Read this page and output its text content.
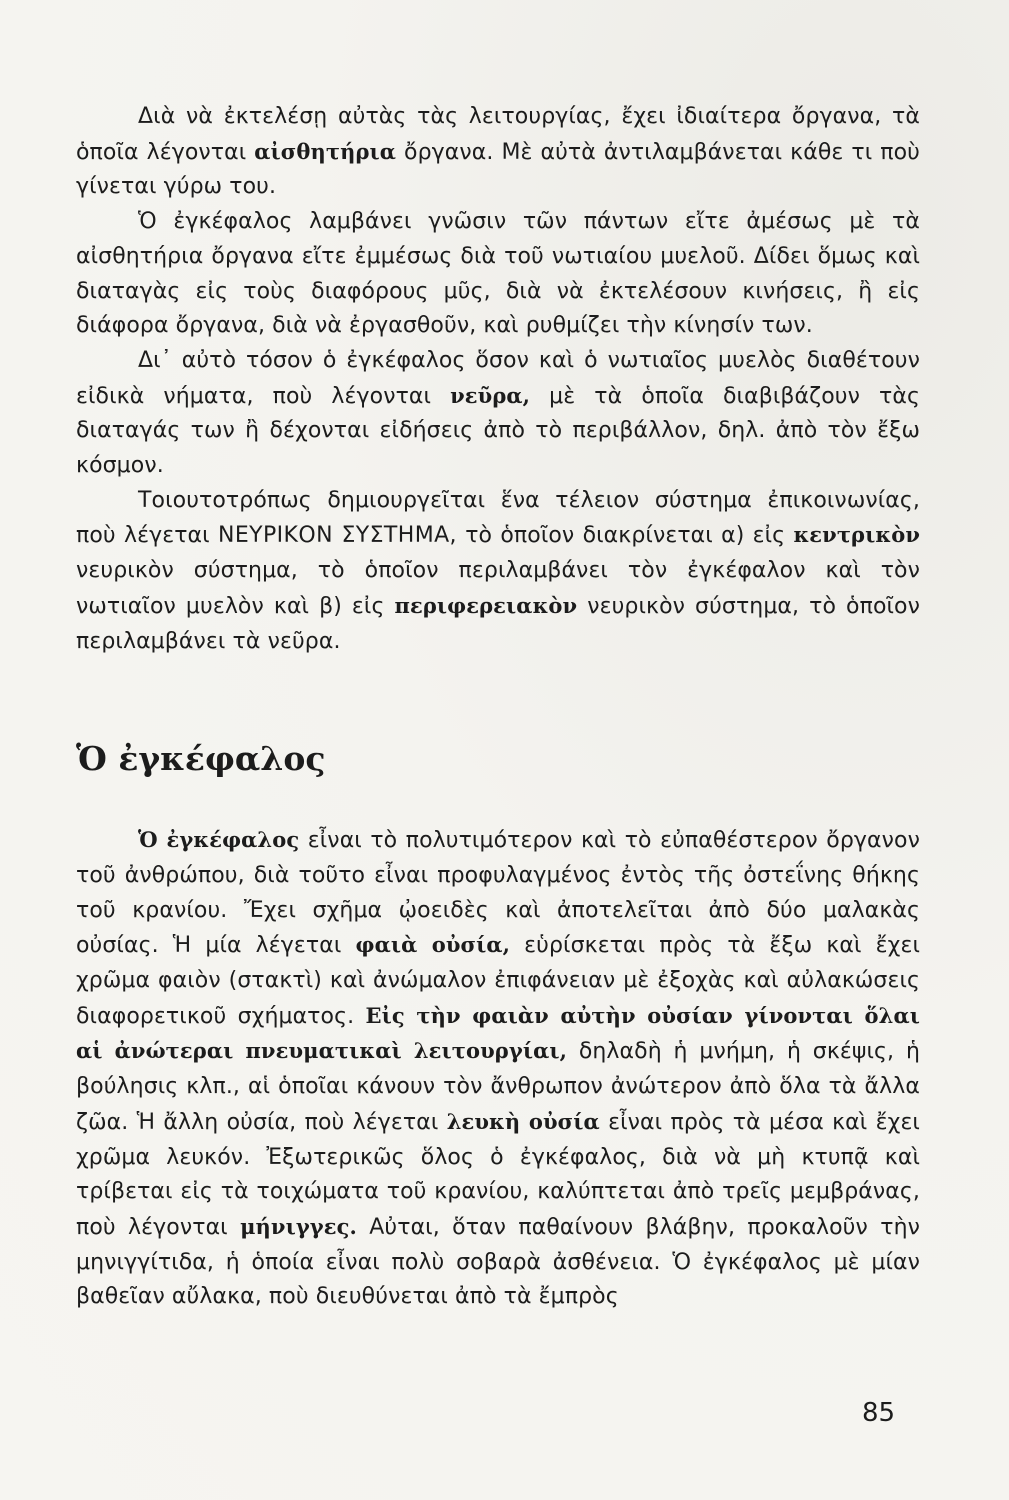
Διὰ νὰ ἐκτελέσῃ αὐτὰς τὰς λειτουργίας, ἔχει ἰδιαίτερα ὄργανα, τὰ ὁποῖα λέγονται αἰσθητήρια ὄργανα. Μὲ αὐτὰ ἀντιλαμβάνεται κάθε τι ποὺ γίνεται γύρω του.

Ὁ ἐγκέφαλος λαμβάνει γνῶσιν τῶν πάντων εἴτε ἀμέσως μὲ τὰ αἰσθητήρια ὄργανα εἴτε ἐμμέσως διὰ τοῦ νωτιαίου μυελοῦ. Δίδει ὅμως καὶ διαταγὰς εἰς τοὺς διαφόρους μῦς, διὰ νὰ ἐκτελέσουν κινήσεις, ἢ εἰς διάφορα ὄργανα, διὰ νὰ ἐργασθοῦν, καὶ ρυθμίζει τὴν κίνησίν των.

Δι᾽ αὐτὸ τόσον ὁ ἐγκέφαλος ὅσον καὶ ὁ νωτιαῖος μυελὸς διαθέτουν εἰδικὰ νήματα, ποὺ λέγονται νεῦρα, μὲ τὰ ὁποῖα διαβιβάζουν τὰς διαταγάς των ἢ δέχονται εἰδήσεις ἀπὸ τὸ περιβάλλον, δηλ. ἀπὸ τὸν ἔξω κόσμον.

Τοιουτοτρόπως δημιουργεῖται ἕνα τέλειον σύστημα ἐπικοινωνίας, ποὺ λέγεται ΝΕΥΡΙΚΟΝ ΣΥΣΤΗΜΑ, τὸ ὁποῖον διακρίνεται α) εἰς κεντρικὸν νευρικὸν σύστημα, τὸ ὁποῖον περιλαμβάνει τὸν ἐγκέφαλον καὶ τὸν νωτιαῖον μυελὸν καὶ β) εἰς περιφερειακὸν νευρικὸν σύστημα, τὸ ὁποῖον περιλαμβάνει τὰ νεῦρα.

Ὁ ἐγκέφαλος

Ὁ ἐγκέφαλος εἶναι τὸ πολυτιμότερον καὶ τὸ εὐπαθέστερον ὄργανον τοῦ ἀνθρώπου, διὰ τοῦτο εἶναι προφυλαγμένος ἐντὸς τῆς ὀστεΐνης θήκης τοῦ κρανίου. Ἔχει σχῆμα ᾠοειδὲς καὶ ἀποτελεῖται ἀπὸ δύο μαλακὰς οὐσίας. Ἡ μία λέγεται φαιὰ οὐσία, εὑρίσκεται πρὸς τὰ ἔξω καὶ ἔχει χρῶμα φαιὸν (στακτὶ) καὶ ἀνώμαλον ἐπιφάνειαν μὲ ἐξοχὰς καὶ αὐλακώσεις διαφορετικοῦ σχήματος. Εἰς τὴν φαιὰν αὐτὴν οὐσίαν γίνονται ὅλαι αἱ ἀνώτεραι πνευματικαὶ λειτουργίαι, δηλαδὴ ἡ μνήμη, ἡ σκέψις, ἡ βούλησις κλπ., αἱ ὁποῖαι κάνουν τὸν ἄνθρωπον ἀνώτερον ἀπὸ ὅλα τὰ ἄλλα ζῶα. Ἡ ἄλλη οὐσία, ποὺ λέγεται λευκὴ οὐσία εἶναι πρὸς τὰ μέσα καὶ ἔχει χρῶμα λευκόν. Ἐξωτερικῶς ὅλος ὁ ἐγκέφαλος, διὰ νὰ μὴ κτυπᾷ καὶ τρίβεται εἰς τὰ τοιχώματα τοῦ κρανίου, καλύπτεται ἀπὸ τρεῖς μεμβράνας, ποὺ λέγονται μήνιγγες. Αὐται, ὅταν παθαίνουν βλάβην, προκαλοῦν τὴν μηνιγγίτιδα, ἡ ὁποία εἶναι πολὺ σοβαρὰ ἀσθένεια. Ὁ ἐγκέφαλος μὲ μίαν βαθεῖαν αὔλακα, ποὺ διευθύνεται ἀπὸ τὰ ἔμπρὸς

85
